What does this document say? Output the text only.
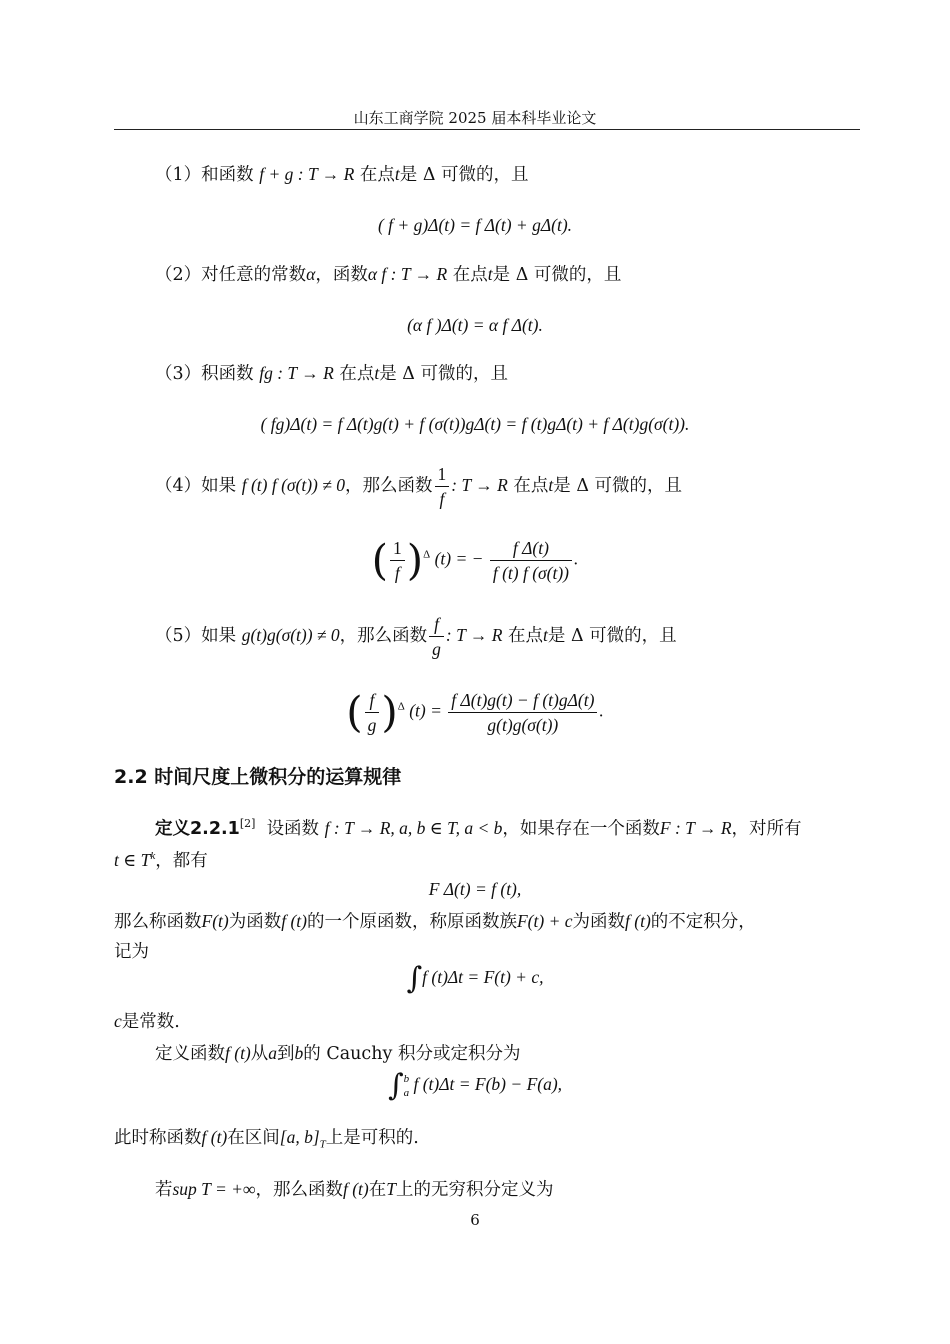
山东工商学院 2025 届本科毕业论文
（1）和函数 f + g : T → R 在点t是 Δ 可微的，且
( f + g)Δ(t) = f Δ(t) + gΔ(t).
（2）对任意的常数α，函数α f : T → R 在点t是 Δ 可微的，且
(α f )Δ(t) = α f Δ(t).
（3）积函数 fg : T → R 在点t是 Δ 可微的，且
( fg)Δ(t) = f Δ(t)g(t) + f (σ(t))gΔ(t) = f (t)gΔ(t) + f Δ(t)g(σ(t)).
（4）如果 f (t) f (σ(t)) ≠ 0，那么函数 $\frac{1}{f}$ : T → R 在点t是 Δ 可微的，且
( $\frac{1}{f} )^\Delta$ (t) = − $\frac{\text{f Δ(t)}}{f (t) f (\sigma(t))}$ .
（5）如果 g(t)g(σ(t)) ≠ 0，那么函数 $\frac{f}{g}$ : T → R 在点t是 Δ 可微的，且
( $\frac{f}{g} )^\Delta$ $(t) = \frac{\text{f Δ(t)g(t) − f (t)gΔ(t)}}{g(t)g(\sigma(t))}$ .
2.2 时间尺度上微积分的运算规律
定义2.2.1[2] 设函数 f : T → R, a, b ∈ T, a < b，如果存在一个函数F : T → R，对所有
t ∈ $T^k$，都有
F Δ(t) = f (t),
那么称函数F(t)为函数f (t)的一个原函数，称原函数族F(t) + c为函数f (t)的不定积分，
记为
∫f (t)Δt = F(t) + c,
c是常数.
定义函数f (t)从a到b的 Cauchy 积分或定积分为
∫ b
a f (t)Δt = F(b) − F(a),
此时称函数f (t)在区间[a, $b]_T$上是可积的.
若sup T = +∞，那么函数f (t)在T上的无穷积分定义为
6
